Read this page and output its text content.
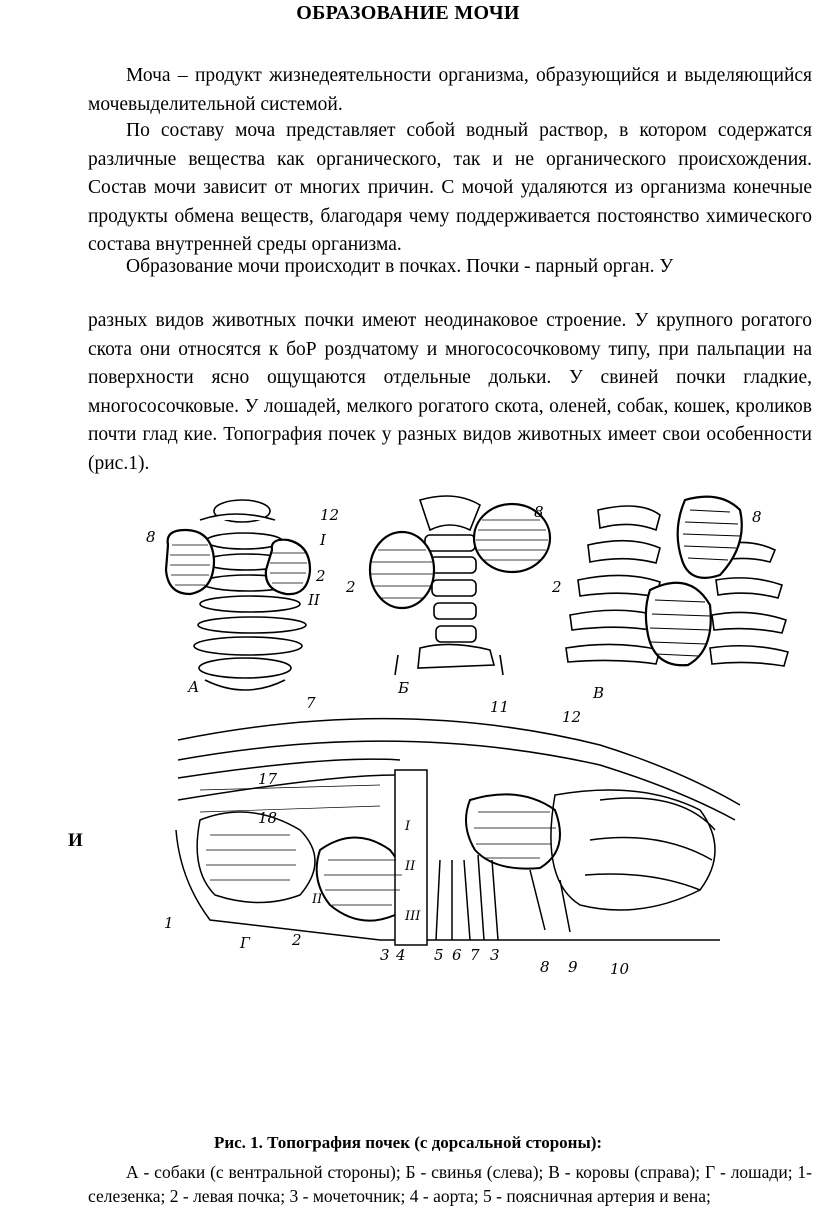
ОБРАЗОВАНИЕ МОЧИ

Моча – продукт жизнедеятельности организма, образующийся и выделяющийся мочевыделительной системой.

По составу моча представляет собой водный раствор, в котором содержатся различные вещества как органического, так и не органического происхождения. Состав мочи зависит от многих причин. С мочой удаляются из организма конечные продукты обмена веществ, благодаря чему поддерживается постоянство химического состава внутренней среды организма.

Образование мочи происходит в почках. Почки - парный орган. У

разных видов животных почки имеют неодинаковое строение. У крупного рогатого скота они относятся к боР роздчатому и многососочковому типу, при пальпации на поверхности ясно ощущаются отдельные дольки. У свиней почки гладкие, многососочковые. У лошадей, мелкого рогатого скота, оленей, собак, кошек, кроликов почти глад кие. Топография почек у разных видов животных имеет свои особенности (рис.1).

И
А	Б	В
Г
12
8	I
2
II
8
2
8
2
7	11
12
17
18	I
II
III
II
1
2
3 4 5 6 7 3
8 9 10
Рис. 1. Топография почек (с дорсальной стороны):

А - собаки (с вентральной стороны); Б - свинья (слева); В - коровы (справа); Г - лошади; 1-селезенка; 2 - левая почка; 3 - мочеточник; 4 - аорта; 5 - поясничная артерия и вена;
